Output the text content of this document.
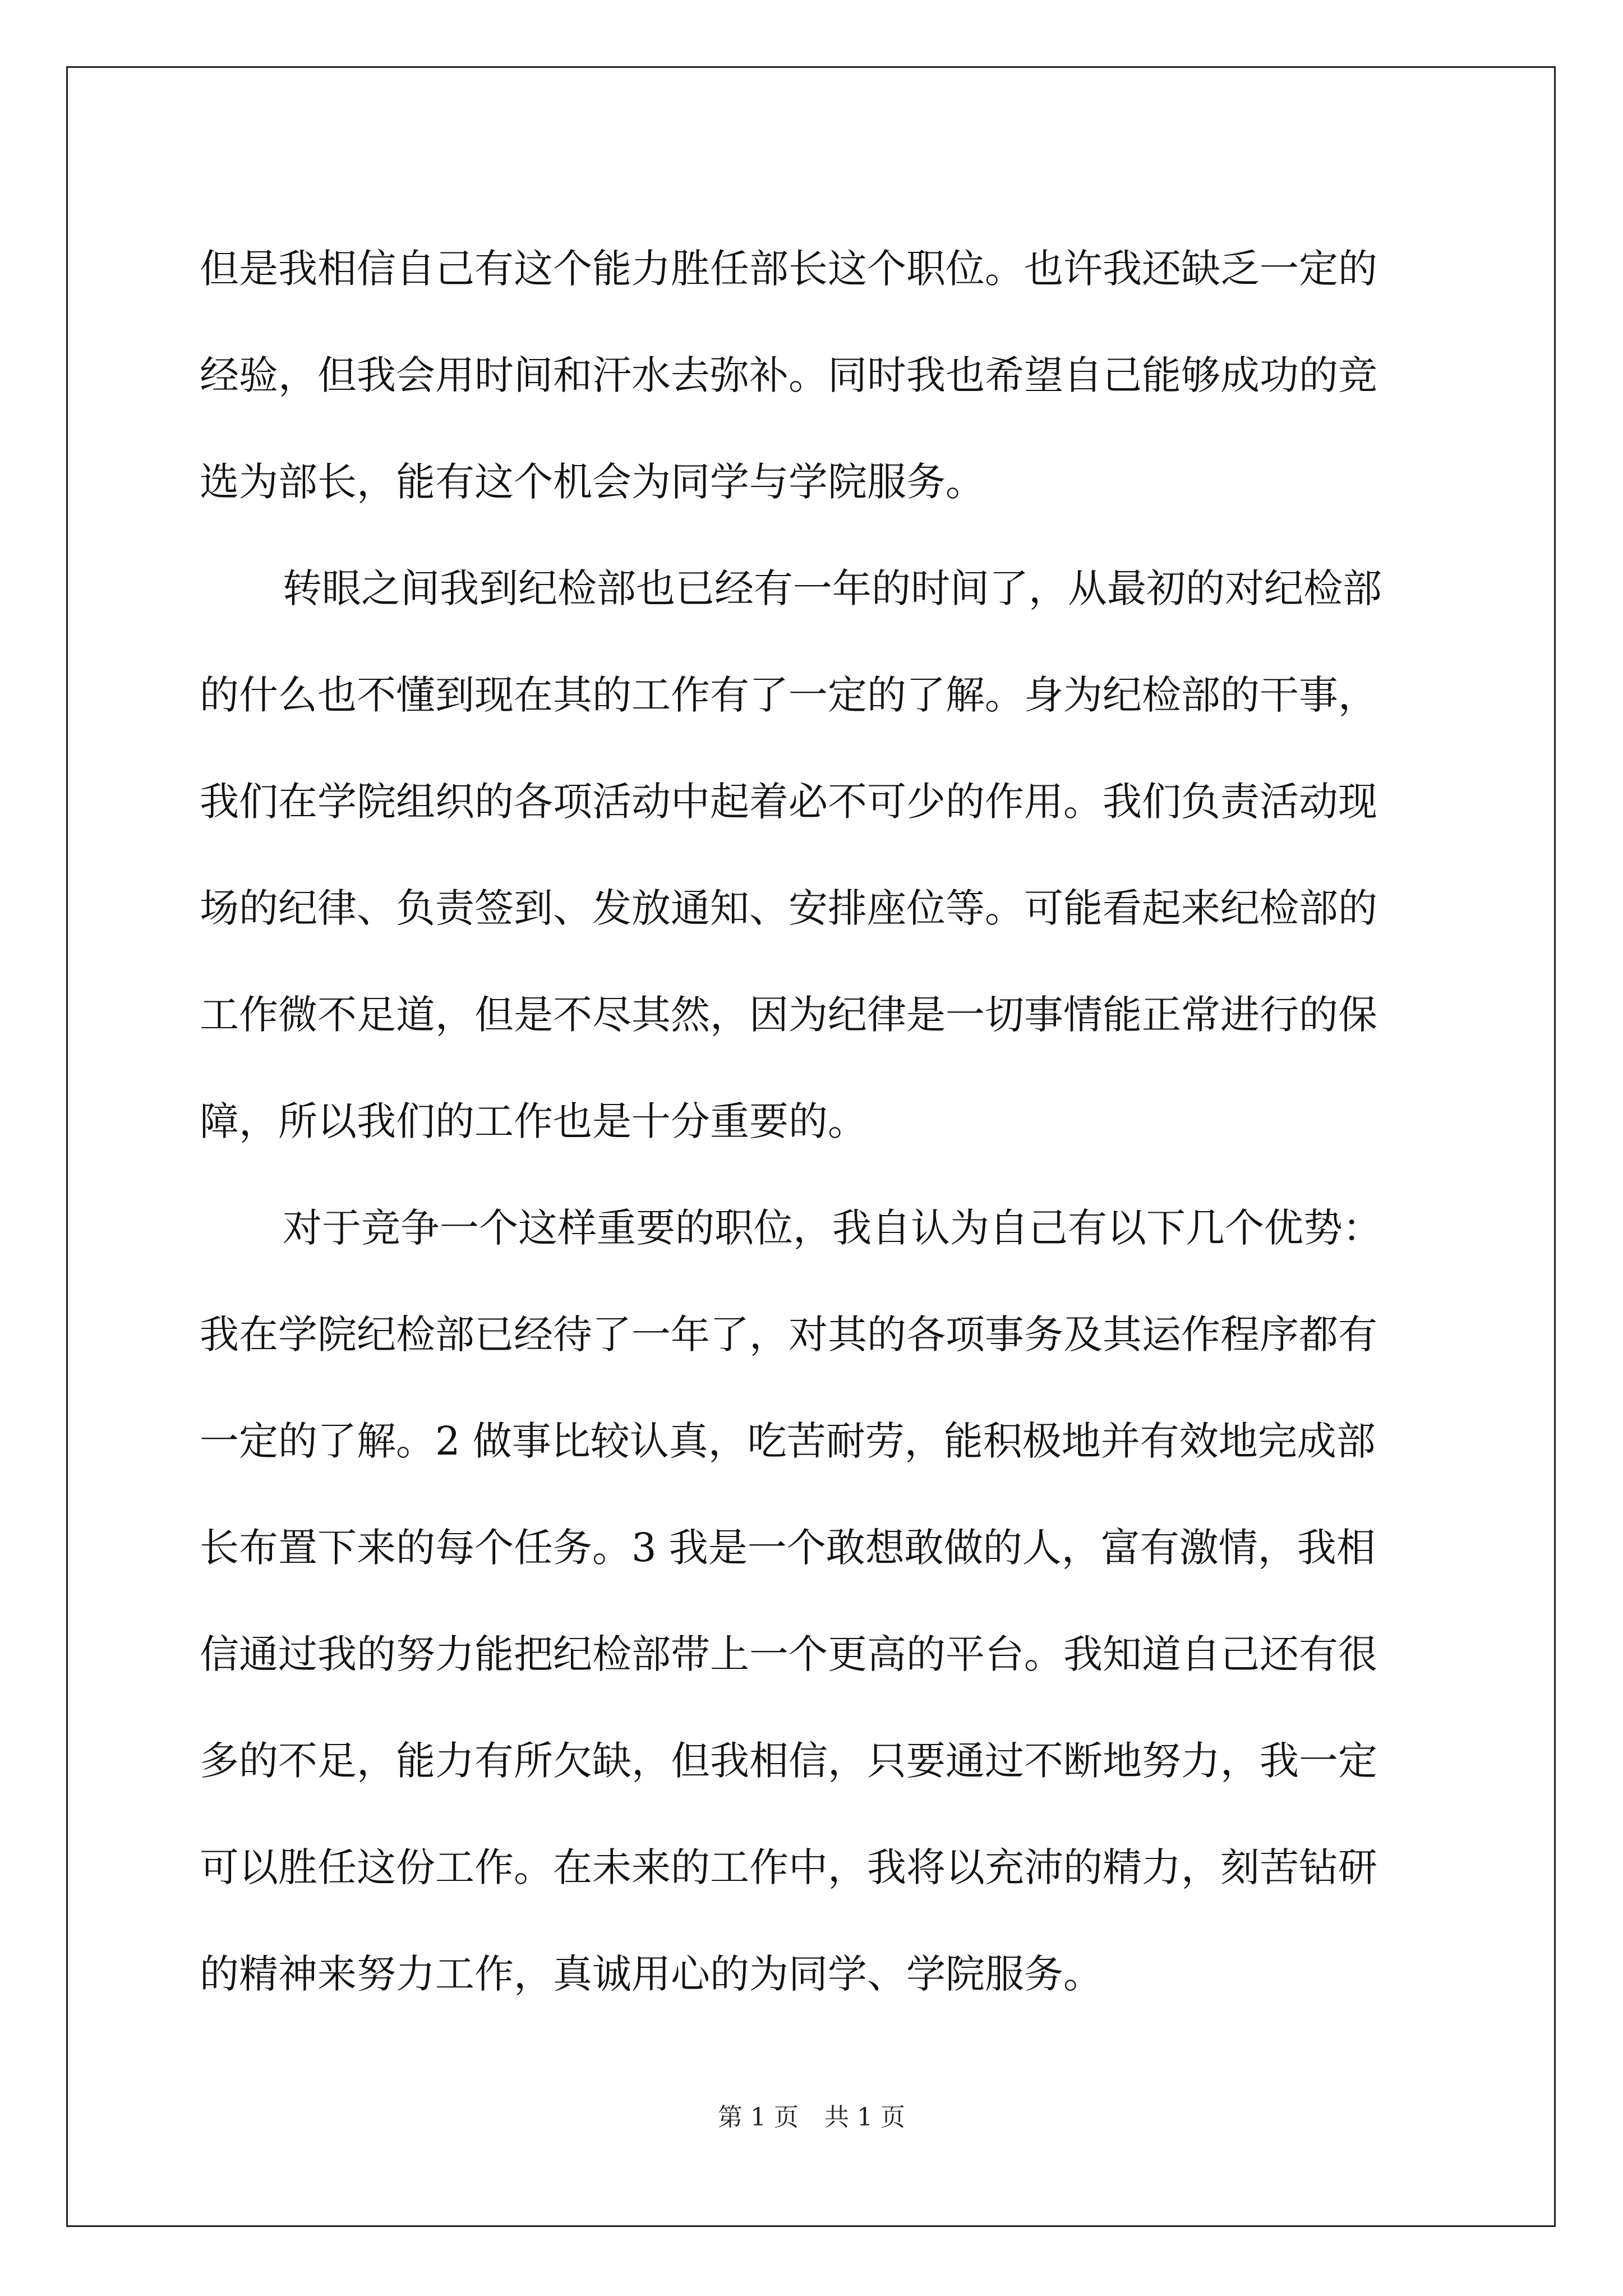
但是我相信自己有这个能力胜任部长这个职位。也许我还缺乏一定的
经验，但我会用时间和汗水去弥补。同时我也希望自己能够成功的竞
选为部长，能有这个机会为同学与学院服务。
转眼之间我到纪检部也已经有一年的时间了，从最初的对纪检部
的什么也不懂到现在其的工作有了一定的了解。身为纪检部的干事，
我们在学院组织的各项活动中起着必不可少的作用。我们负责活动现
场的纪律、负责签到、发放通知、安排座位等。可能看起来纪检部的
工作微不足道，但是不尽其然，因为纪律是一切事情能正常进行的保
障，所以我们的工作也是十分重要的。
对于竞争一个这样重要的职位，我自认为自己有以下几个优势：
我在学院纪检部已经待了一年了，对其的各项事务及其运作程序都有
一定的了解。2 做事比较认真，吃苦耐劳，能积极地并有效地完成部
长布置下来的每个任务。3 我是一个敢想敢做的人，富有激情，我相
信通过我的努力能把纪检部带上一个更高的平台。我知道自己还有很
多的不足，能力有所欠缺，但我相信，只要通过不断地努力，我一定
可以胜任这份工作。在未来的工作中，我将以充沛的精力，刻苦钻研
的精神来努力工作，真诚用心的为同学、学院服务。
第 1 页 共 1 页
